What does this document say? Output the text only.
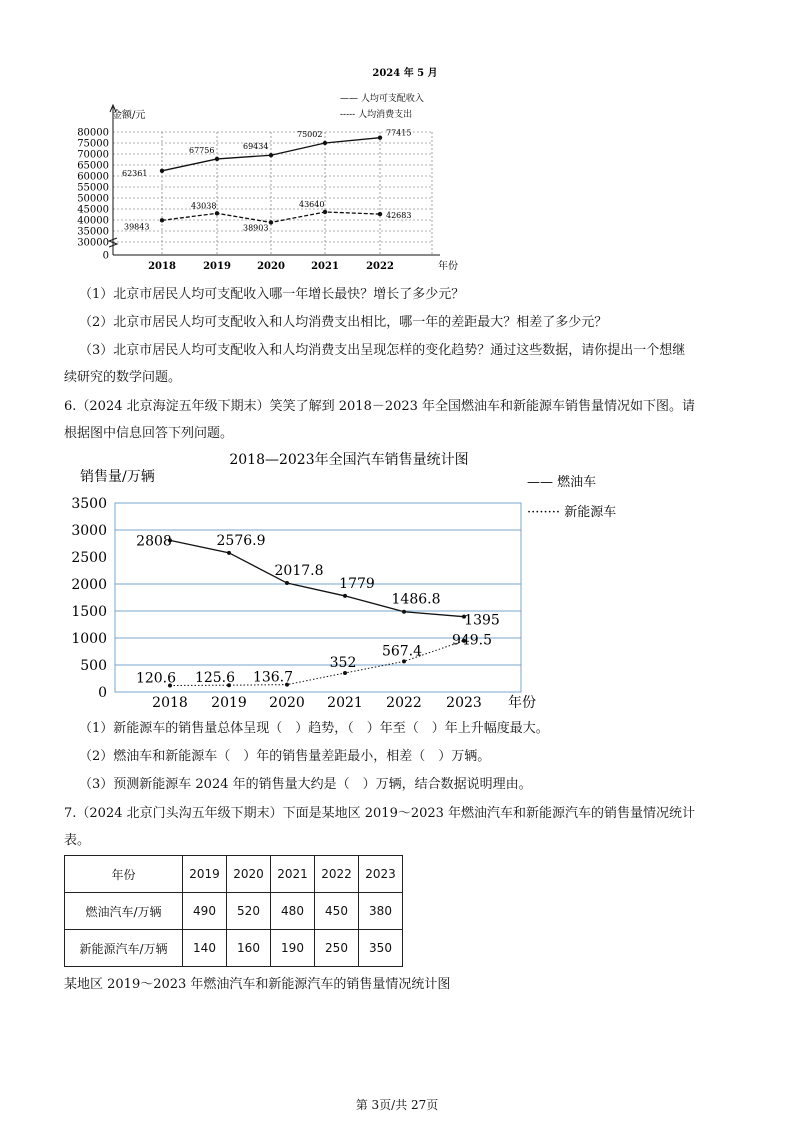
2024 年 5 月
—— 人均可支配收入
----- 人均消费支出
金额/元
80000
75000
70000
65000
60000
55000
50000
45000
40000
35000
30000
0
2018	2019	2020	2021	2022	年份
62361
67756	69434
75002	77415
39843
43038
38903
43640
42683
（1）北京市居民人均可支配收入哪一年增长最快？增长了多少元？
（2）北京市居民人均可支配收入和人均消费支出相比，哪一年的差距最大？相差了多少元？
（3）北京市居民人均可支配收入和人均消费支出呈现怎样的变化趋势？通过这些数据，请你提出一个想继
续研究的数学问题。
6.（2024 北京海淀五年级下期末）笑笑了解到 2018－2023 年全国燃油车和新能源车销售量情况如下图。请
根据图中信息回答下列问题。
2018—2023年全国汽车销售量统计图
销售量/万辆	—— 燃油车
········ 新能源车
3500
3000
2500
2000
1500
1000
500
0
2018 2019 2020 2021 2022 2023 年份
2808	2576.9
2017.8
1779
1486.8
1395
120.6 125.6 136.7
352
567.4
949.5
（1）新能源车的销售量总体呈现（　）趋势，（　）年至（　）年上升幅度最大。
（2）燃油车和新能源车（　）年的销售量差距最小，相差（　）万辆。
（3）预测新能源车 2024 年的销售量大约是（　）万辆，结合数据说明理由。
7.（2024 北京门头沟五年级下期末）下面是某地区 2019～2023 年燃油汽车和新能源汽车的销售量情况统计
表。
年份	2019	2020	2021	2022	2023
燃油汽车/万辆	490	520	480	450	380
新能源汽车/万辆	140	160	190	250	350
某地区 2019～2023 年燃油汽车和新能源汽车的销售量情况统计图
第 3页/共 27页
